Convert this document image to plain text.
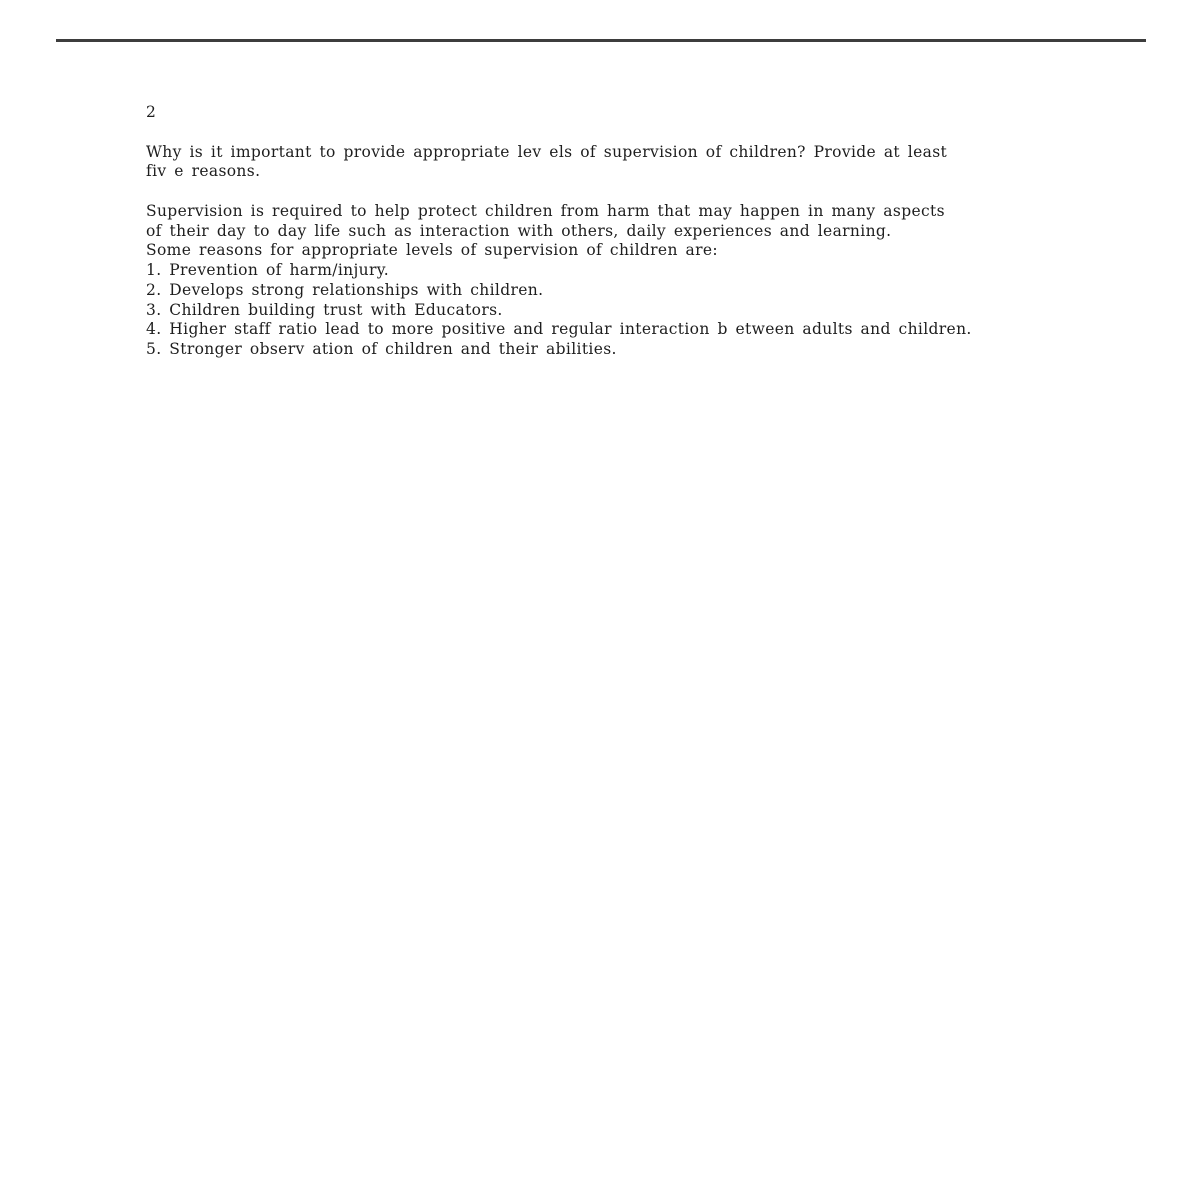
2
Why is it important to provide appropriate lev els of supervision of children? Provide at least
fiv e reasons.
Supervision is required to help protect children from harm that may happen in many aspects
of their day to day life such as interaction with others, daily experiences and learning.
Some reasons for appropriate levels of supervision of children are:
1. Prevention of harm/injury.
2. Develops strong relationships with children.
3. Children building trust with Educators.
4. Higher staff ratio lead to more positive and regular interaction b etween adults and children.
5. Stronger observ ation of children and their abilities.
